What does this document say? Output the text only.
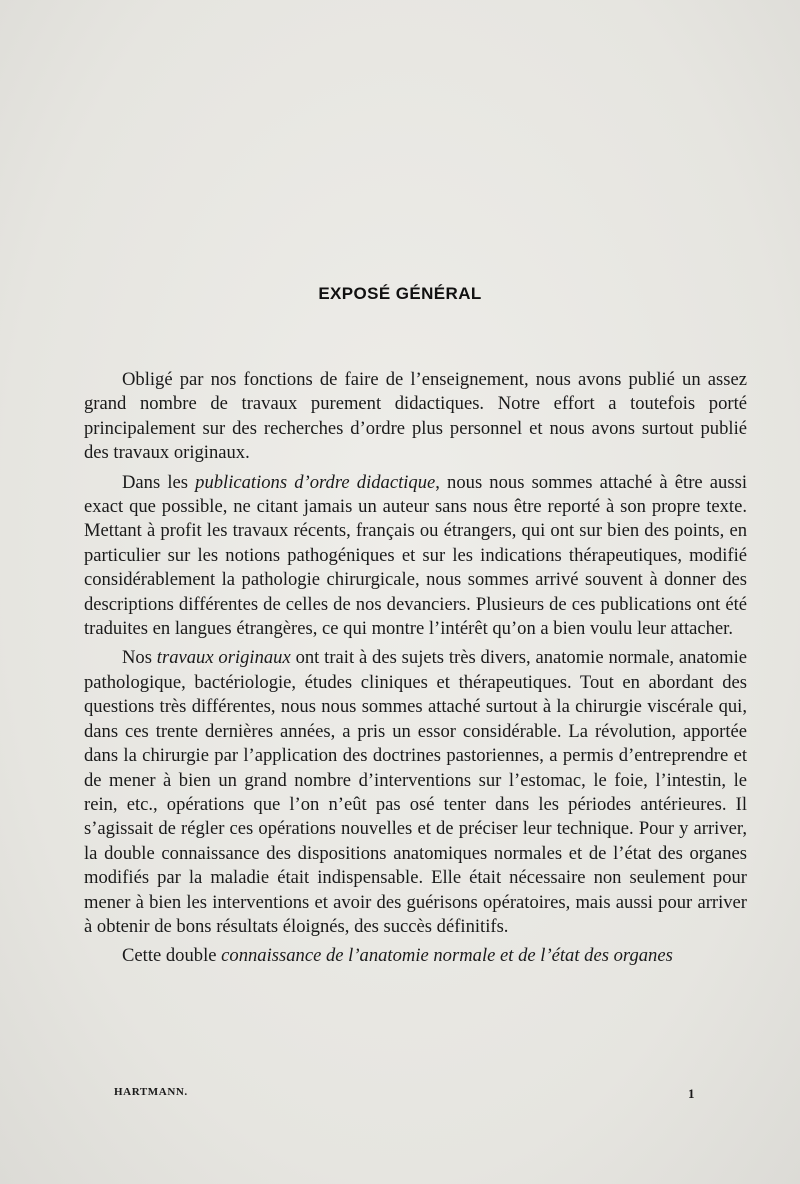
EXPOSÉ GÉNÉRAL

Obligé par nos fonctions de faire de l’enseignement, nous avons publié un assez grand nombre de travaux purement didactiques. Notre effort a toutefois porté principalement sur des recherches d’ordre plus personnel et nous avons surtout publié des travaux originaux.

Dans les publications d’ordre didactique, nous nous sommes attaché à être aussi exact que possible, ne citant jamais un auteur sans nous être reporté à son propre texte. Mettant à profit les travaux récents, français ou étrangers, qui ont sur bien des points, en particulier sur les notions pathogéniques et sur les indications thérapeutiques, modifié considérablement la pathologie chirurgicale, nous sommes arrivé souvent à donner des descriptions différentes de celles de nos devanciers. Plusieurs de ces publications ont été traduites en langues étrangères, ce qui montre l’intérêt qu’on a bien voulu leur attacher.

Nos travaux originaux ont trait à des sujets très divers, anatomie normale, anatomie pathologique, bactériologie, études cliniques et thérapeutiques. Tout en abordant des questions très différentes, nous nous sommes attaché surtout à la chirurgie viscérale qui, dans ces trente dernières années, a pris un essor considérable. La révolution, apportée dans la chirurgie par l’application des doctrines pastoriennes, a permis d’entreprendre et de mener à bien un grand nombre d’interventions sur l’estomac, le foie, l’intestin, le rein, etc., opérations que l’on n’eût pas osé tenter dans les périodes antérieures. Il s’agissait de régler ces opérations nouvelles et de préciser leur technique. Pour y arriver, la double connaissance des dispositions anatomiques normales et de l’état des organes modifiés par la maladie était indispensable. Elle était nécessaire non seulement pour mener à bien les interventions et avoir des guérisons opératoires, mais aussi pour arriver à obtenir de bons résultats éloignés, des succès définitifs.

Cette double connaissance de l’anatomie normale et de l’état des organes

HARTMANN.	1
